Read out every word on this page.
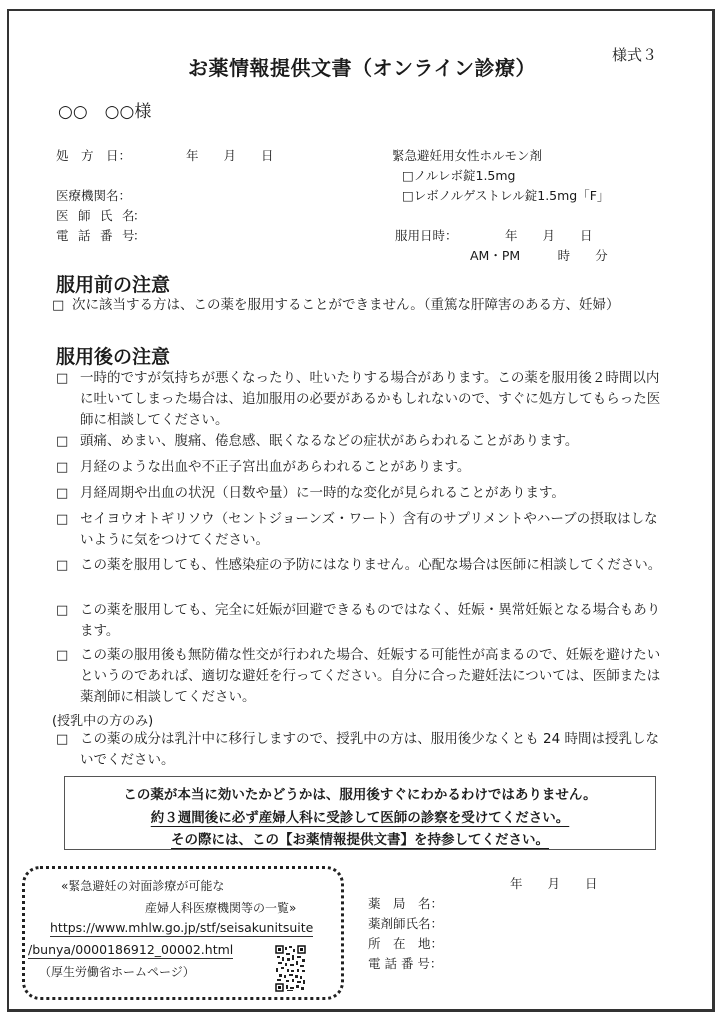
様式３
お薬情報提供文書（オンライン診療）
○○　○○様
処　方　日：	年　　月　　日
医療機関名：
医　師　氏　名：
電　話　番　号：
緊急避妊用女性ホルモン剤
□ノルレボ錠1.5mg
□レボノルゲストレル錠1.5mg「F」
服用日時：	年　　月　　日
AM・PM　　　時　　分
服用前の注意
□ 次に該当する方は、この薬を服用することができません。（重篤な肝障害のある方、妊婦）
服用後の注意
□ 一時的ですが気持ちが悪くなったり、吐いたりする場合があります。この薬を服用後２時間以内に吐いてしまった場合は、追加服用の必要があるかもしれないので、すぐに処方してもらった医師に相談してください。
□ 頭痛、めまい、腹痛、倦怠感、眠くなるなどの症状があらわれることがあります。
□ 月経のような出血や不正子宮出血があらわれることがあります。
□ 月経周期や出血の状況（日数や量）に一時的な変化が見られることがあります。
□ セイヨウオトギリソウ（セントジョーンズ・ワート）含有のサプリメントやハーブの摂取はしないように気をつけてください。
□ この薬を服用しても、性感染症の予防にはなりません。心配な場合は医師に相談してください。
□ この薬を服用しても、完全に妊娠が回避できるものではなく、妊娠・異常妊娠となる場合もあります。
□ この薬の服用後も無防備な性交が行われた場合、妊娠する可能性が高まるので、妊娠を避けたいというのであれば、適切な避妊を行ってください。自分に合った避妊法については、医師または薬剤師に相談してください。
(授乳中の方のみ)
□ この薬の成分は乳汁中に移行しますので、授乳中の方は、服用後少なくとも 24 時間は授乳しないでください。
この薬が本当に効いたかどうかは、服用後すぐにわかるわけではありません。
約３週間後に必ず産婦人科に受診して医師の診察を受けてください。
その際には、この【お薬情報提供文書】を持参してください。
«緊急避妊の対面診療が可能な
産婦人科医療機関等の一覧»
https://www.mhlw.go.jp/stf/seisakunitsuite
/bunya/0000186912_00002.html
（厚生労働省ホームページ）
年　　月　　日
薬　局　名：
薬剤師氏名：
所　在　地：
電 話 番 号：
